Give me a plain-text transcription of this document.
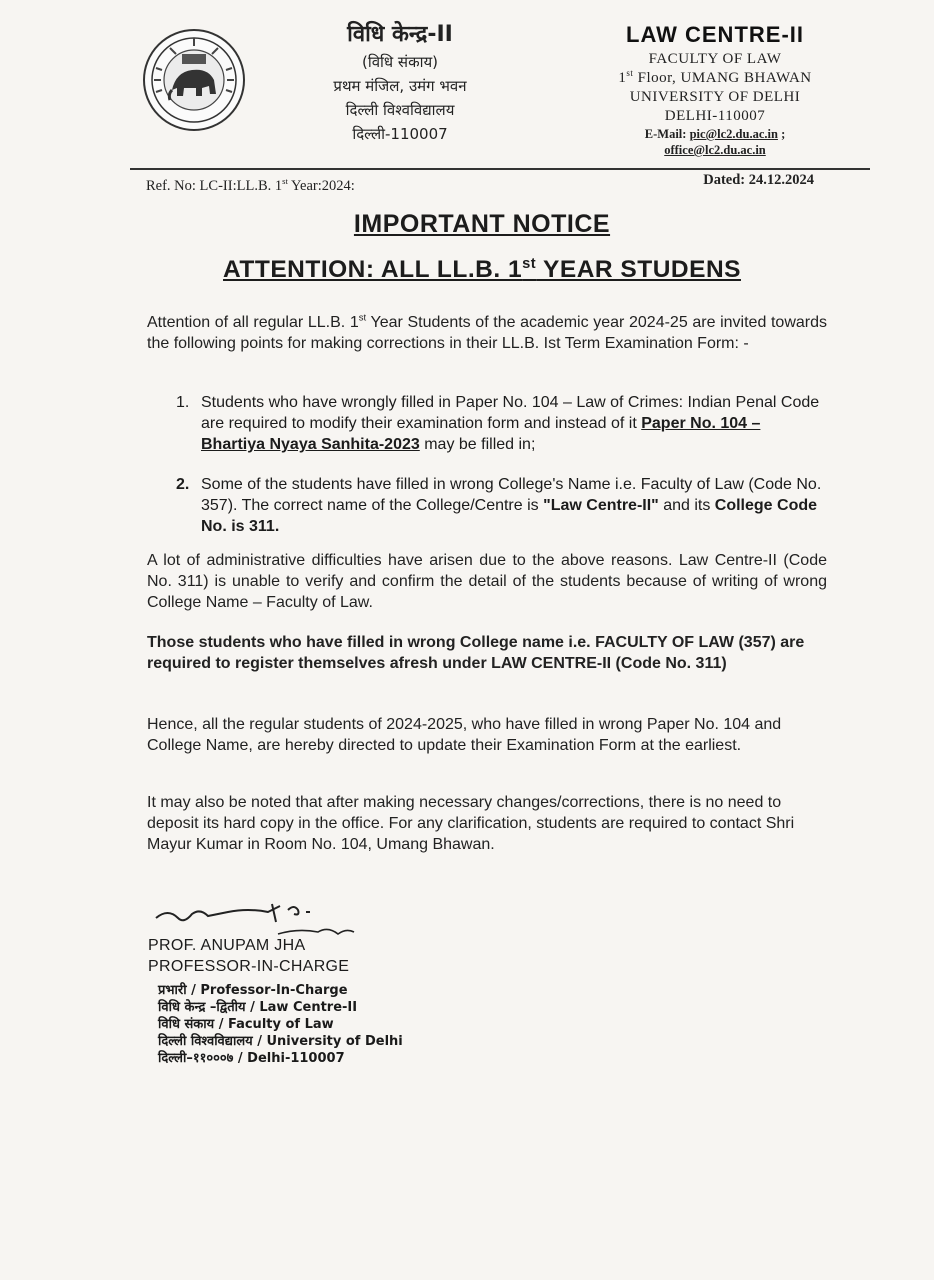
विधि केन्द्र-II
(विधि संकाय)
प्रथम मंजिल, उमंग भवन
दिल्ली विश्वविद्यालय
दिल्ली-110007
LAW CENTRE-II
FACULTY OF LAW
1st Floor, UMANG BHAWAN
UNIVERSITY OF DELHI
DELHI-110007
E-Mail: pic@lc2.du.ac.in ;
office@lc2.du.ac.in
Ref. No: LC-II:LL.B. 1st Year:2024:	Dated: 24.12.2024
IMPORTANT NOTICE
ATTENTION: ALL LL.B. 1st YEAR STUDENS
Attention of all regular LL.B. 1st Year Students of the academic year 2024-25 are invited towards the following points for making corrections in their LL.B. Ist Term Examination Form: -
1. Students who have wrongly filled in Paper No. 104 – Law of Crimes: Indian Penal Code are required to modify their examination form and instead of it Paper No. 104 – Bhartiya Nyaya Sanhita-2023 may be filled in;
2. Some of the students have filled in wrong College's Name i.e. Faculty of Law (Code No. 357). The correct name of the College/Centre is "Law Centre-II" and its College Code No. is 311.
A lot of administrative difficulties have arisen due to the above reasons. Law Centre-II (Code No. 311) is unable to verify and confirm the detail of the students because of writing of wrong College Name – Faculty of Law.
Those students who have filled in wrong College name i.e. FACULTY OF LAW (357) are required to register themselves afresh under LAW CENTRE-II (Code No. 311)
Hence, all the regular students of 2024-2025, who have filled in wrong Paper No. 104 and College Name, are hereby directed to update their Examination Form at the earliest.
It may also be noted that after making necessary changes/corrections, there is no need to deposit its hard copy in the office. For any clarification, students are required to contact Shri Mayur Kumar in Room No. 104, Umang Bhawan.
PROF. ANUPAM JHA
PROFESSOR-IN-CHARGE
प्रभारी / Professor-In-Charge
विधि केन्द्र –द्वितीय / Law Centre-II
विधि संकाय / Faculty of Law
दिल्ली विश्वविद्यालय / University of Delhi
दिल्ली–११०००७ / Delhi-110007
